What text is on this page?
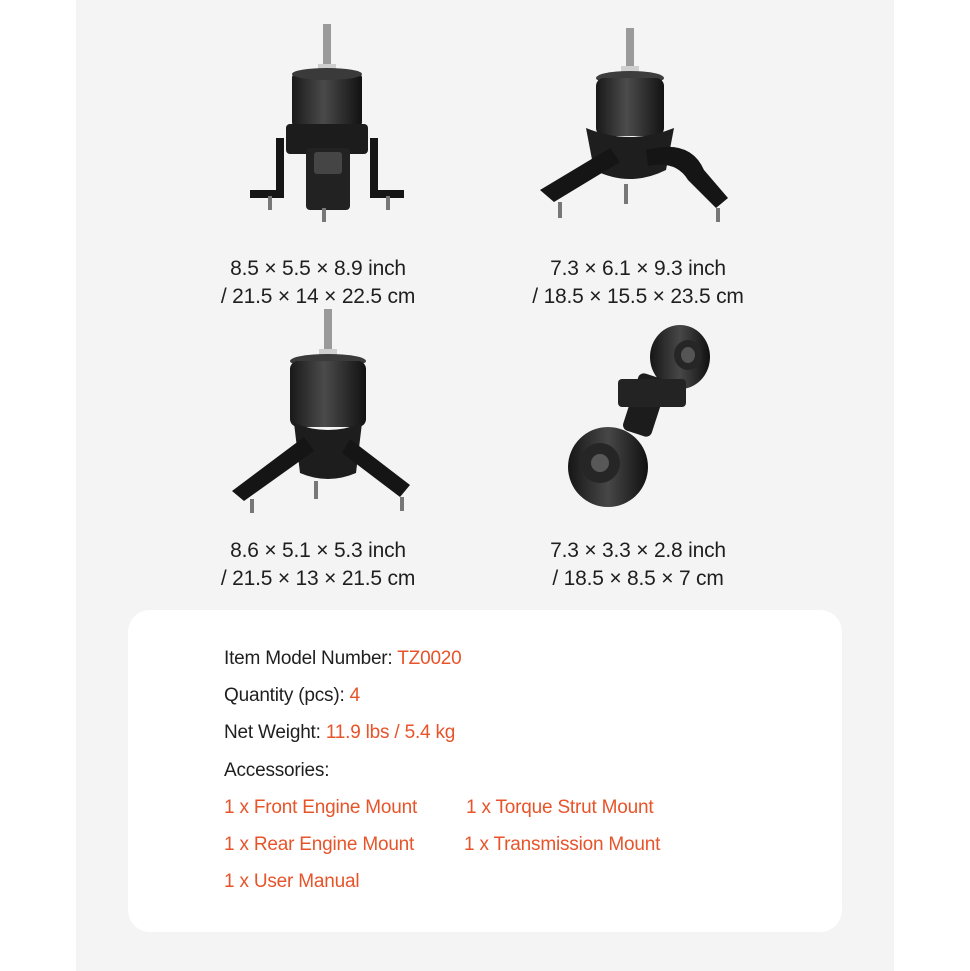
8.5 × 5.5 × 8.9 inch
/ 21.5 × 14 × 22.5 cm
7.3 × 6.1 × 9.3 inch
/ 18.5 × 15.5 × 23.5 cm
8.6 × 5.1 × 5.3 inch
/ 21.5 × 13 × 21.5 cm
7.3 × 3.3 × 2.8 inch
/ 18.5 × 8.5 × 7 cm
Item Model Number: TZ0020
Quantity (pcs): 4
Net Weight: 11.9 lbs / 5.4 kg
Accessories:
1 x Front Engine Mount	1 x Torque Strut Mount
1 x Rear Engine Mount	1 x Transmission Mount
1 x User Manual
